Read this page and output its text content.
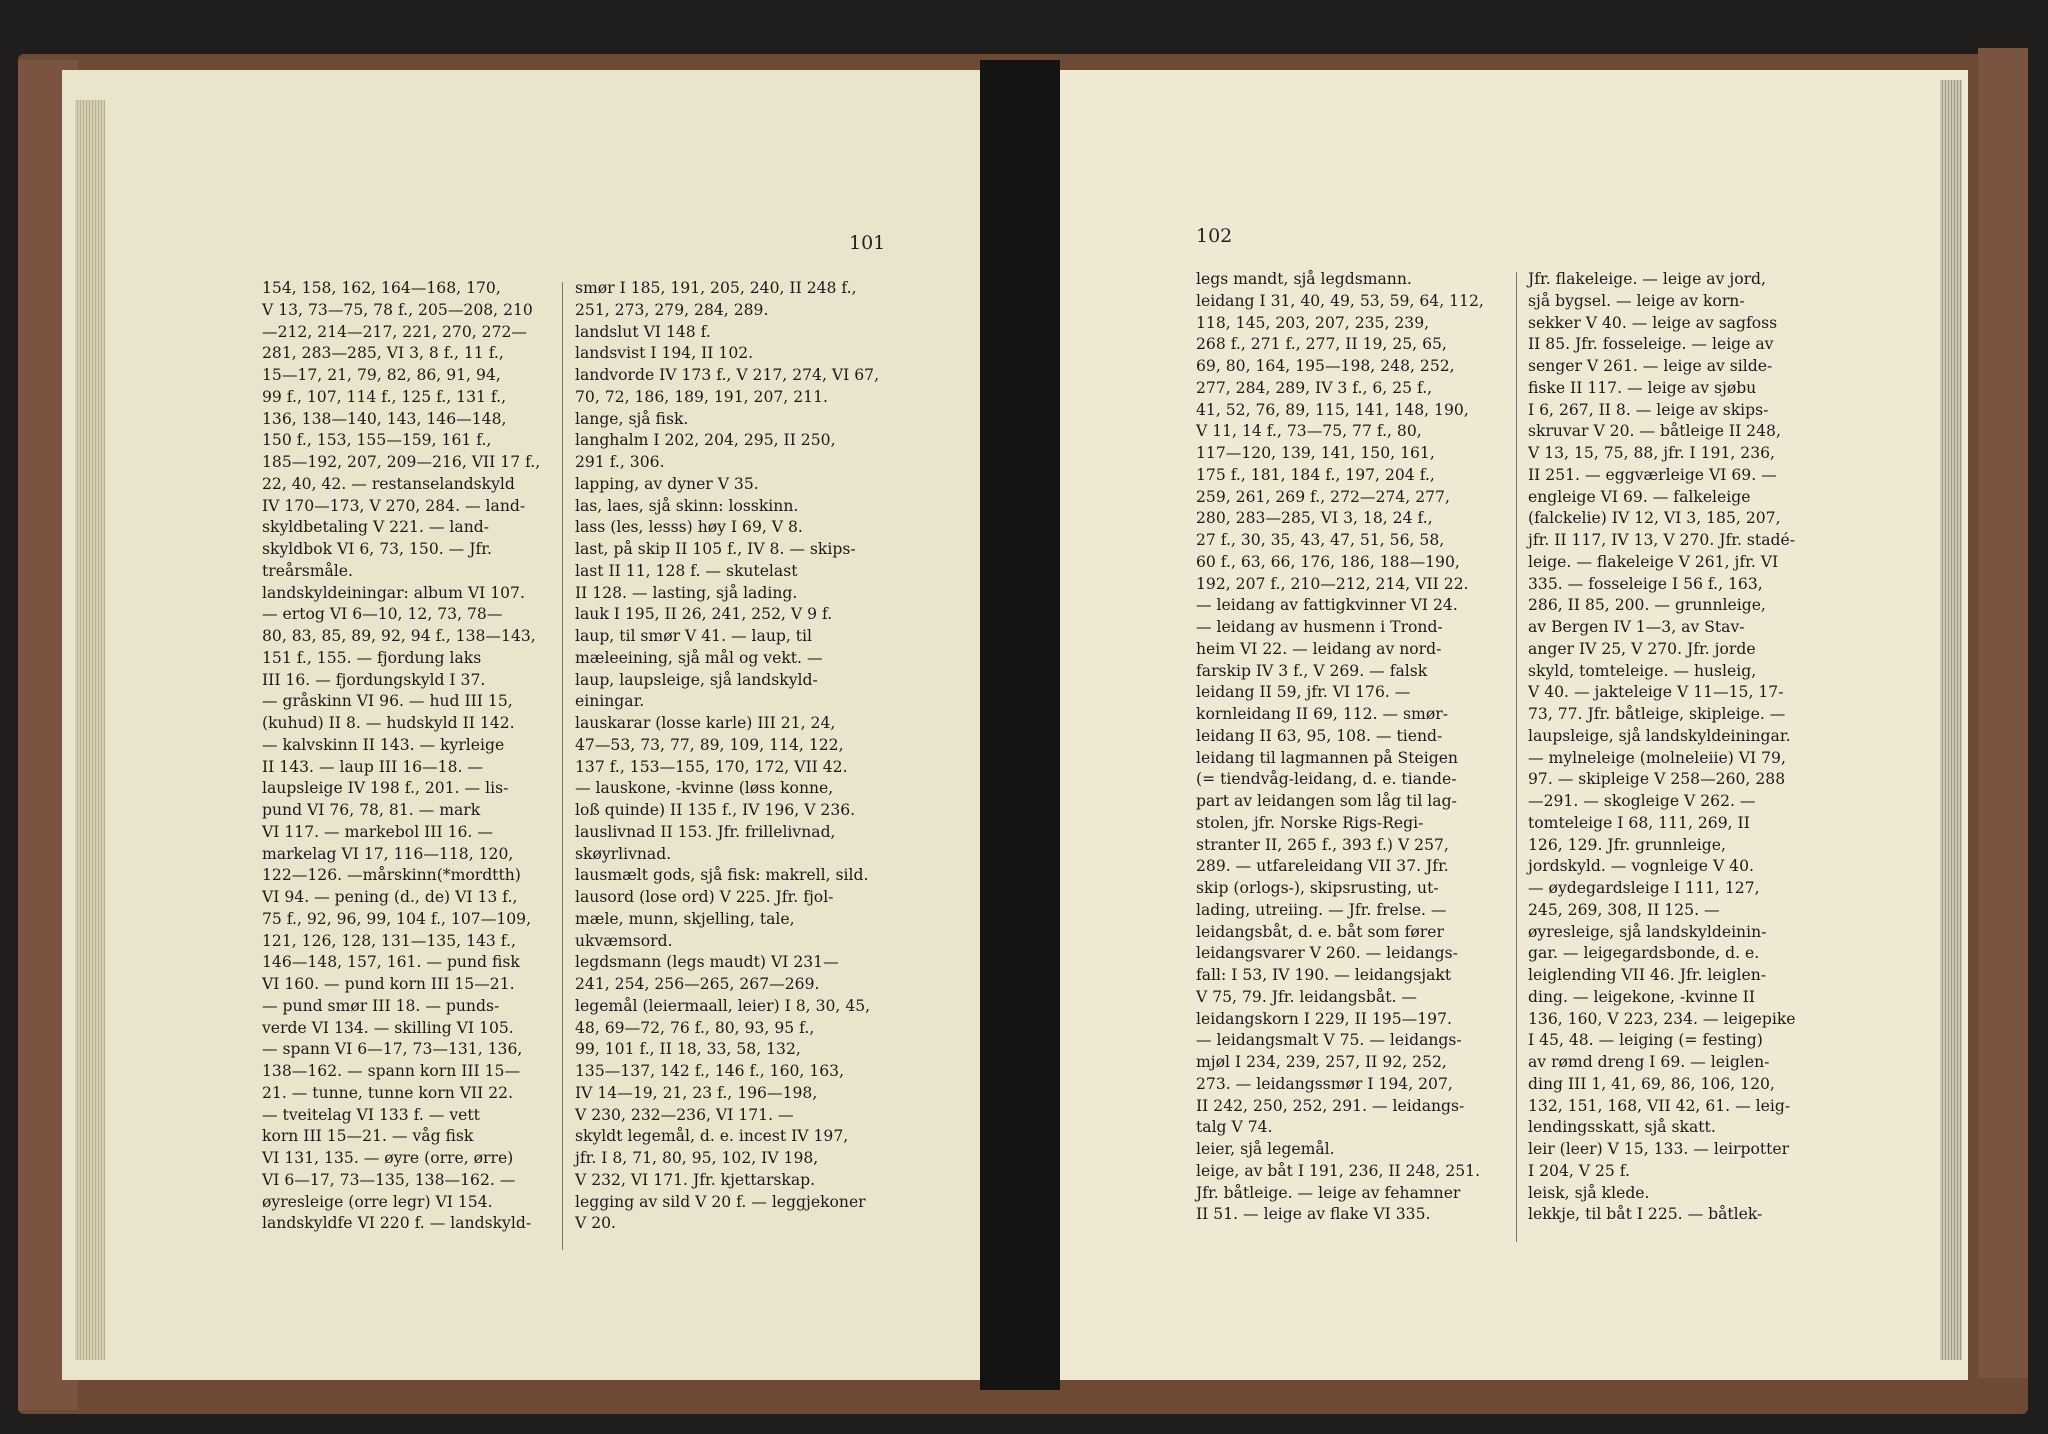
101
154, 158, 162, 164—168, 170,
V 13, 73—75, 78 f., 205—208, 210
—212, 214—217, 221, 270, 272—
281, 283—285, VI 3, 8 f., 11 f.,
15—17, 21, 79, 82, 86, 91, 94,
99 f., 107, 114 f., 125 f., 131 f.,
136, 138—140, 143, 146—148,
150 f., 153, 155—159, 161 f.,
185—192, 207, 209—216, VII 17 f.,
22, 40, 42. — restanselandskyld
IV 170—173, V 270, 284. — land-
skyldbetaling V 221. — land-
skyldbok VI 6, 73, 150. — Jfr.
treårsmåle.
landskyldeiningar: album VI 107.
— ertog VI 6—10, 12, 73, 78—
80, 83, 85, 89, 92, 94 f., 138—143,
151 f., 155. — fjordung laks
III 16. — fjordungskyld I 37.
— gråskinn VI 96. — hud III 15,
(kuhud) II 8. — hudskyld II 142.
— kalvskinn II 143. — kyrleige
II 143. — laup III 16—18. —
laupsleige IV 198 f., 201. — lis-
pund VI 76, 78, 81. — mark
VI 117. — markebol III 16. —
markelag VI 17, 116—118, 120,
122—126. —mårskinn(*mordtth)
VI 94. — pening (d., de) VI 13 f.,
75 f., 92, 96, 99, 104 f., 107—109,
121, 126, 128, 131—135, 143 f.,
146—148, 157, 161. — pund fisk
VI 160. — pund korn III 15—21.
— pund smør III 18. — punds-
verde VI 134. — skilling VI 105.
— spann VI 6—17, 73—131, 136,
138—162. — spann korn III 15—
21. — tunne, tunne korn VII 22.
— tveitelag VI 133 f. — vett
korn III 15—21. — våg fisk
VI 131, 135. — øyre (orre, ørre)
VI 6—17, 73—135, 138—162. —
øyresleige (orre legr) VI 154.
landskyldfe VI 220 f. — landskyld-
smør I 185, 191, 205, 240, II 248 f.,
251, 273, 279, 284, 289.
landslut VI 148 f.
landsvist I 194, II 102.
landvorde IV 173 f., V 217, 274, VI 67,
70, 72, 186, 189, 191, 207, 211.
lange, sjå fisk.
langhalm I 202, 204, 295, II 250,
291 f., 306.
lapping, av dyner V 35.
las, laes, sjå skinn: losskinn.
lass (les, lesss) høy I 69, V 8.
last, på skip II 105 f., IV 8. — skips-
last II 11, 128 f. — skutelast
II 128. — lasting, sjå lading.
lauk I 195, II 26, 241, 252, V 9 f.
laup, til smør V 41. — laup, til
mæleeining, sjå mål og vekt. —
laup, laupsleige, sjå landskyld-
einingar.
lauskarar (losse karle) III 21, 24,
47—53, 73, 77, 89, 109, 114, 122,
137 f., 153—155, 170, 172, VII 42.
— lauskone, -kvinne (løss konne,
loß quinde) II 135 f., IV 196, V 236.
lauslivnad II 153. Jfr. frillelivnad,
skøyrlivnad.
lausmælt gods, sjå fisk: makrell, sild.
lausord (lose ord) V 225. Jfr. fjol-
mæle, munn, skjelling, tale,
ukvæmsord.
legdsmann (legs maudt) VI 231—
241, 254, 256—265, 267—269.
legemål (leiermaall, leier) I 8, 30, 45,
48, 69—72, 76 f., 80, 93, 95 f.,
99, 101 f., II 18, 33, 58, 132,
135—137, 142 f., 146 f., 160, 163,
IV 14—19, 21, 23 f., 196—198,
V 230, 232—236, VI 171. —
skyldt legemål, d. e. incest IV 197,
jfr. I 8, 71, 80, 95, 102, IV 198,
V 232, VI 171. Jfr. kjettarskap.
legging av sild V 20 f. — leggjekoner
V 20.
102
legs mandt, sjå legdsmann.
leidang I 31, 40, 49, 53, 59, 64, 112,
118, 145, 203, 207, 235, 239,
268 f., 271 f., 277, II 19, 25, 65,
69, 80, 164, 195—198, 248, 252,
277, 284, 289, IV 3 f., 6, 25 f.,
41, 52, 76, 89, 115, 141, 148, 190,
V 11, 14 f., 73—75, 77 f., 80,
117—120, 139, 141, 150, 161,
175 f., 181, 184 f., 197, 204 f.,
259, 261, 269 f., 272—274, 277,
280, 283—285, VI 3, 18, 24 f.,
27 f., 30, 35, 43, 47, 51, 56, 58,
60 f., 63, 66, 176, 186, 188—190,
192, 207 f., 210—212, 214, VII 22.
— leidang av fattigkvinner VI 24.
— leidang av husmenn i Trond-
heim VI 22. — leidang av nord-
farskip IV 3 f., V 269. — falsk
leidang II 59, jfr. VI 176. —
kornleidang II 69, 112. — smør-
leidang II 63, 95, 108. — tiend-
leidang til lagmannen på Steigen
(= tiendvåg-leidang, d. e. tiande-
part av leidangen som låg til lag-
stolen, jfr. Norske Rigs-Regi-
stranter II, 265 f., 393 f.) V 257,
289. — utfareleidang VII 37. Jfr.
skip (orlogs-), skipsrusting, ut-
lading, utreiing. — Jfr. frelse. —
leidangsbåt, d. e. båt som fører
leidangsvarer V 260. — leidangs-
fall: I 53, IV 190. — leidangsjakt
V 75, 79. Jfr. leidangsbåt. —
leidangskorn I 229, II 195—197.
— leidangsmalt V 75. — leidangs-
mjøl I 234, 239, 257, II 92, 252,
273. — leidangssmør I 194, 207,
II 242, 250, 252, 291. — leidangs-
talg V 74.
leier, sjå legemål.
leige, av båt I 191, 236, II 248, 251.
Jfr. båtleige. — leige av fehamner
II 51. — leige av flake VI 335.
Jfr. flakeleige. — leige av jord,
sjå bygsel. — leige av korn-
sekker V 40. — leige av sagfoss
II 85. Jfr. fosseleige. — leige av
senger V 261. — leige av silde-
fiske II 117. — leige av sjøbu
I 6, 267, II 8. — leige av skips-
skruvar V 20. — båtleige II 248,
V 13, 15, 75, 88, jfr. I 191, 236,
II 251. — eggværleige VI 69. —
engleige VI 69. — falkeleige
(falckelie) IV 12, VI 3, 185, 207,
jfr. II 117, IV 13, V 270. Jfr. stadé-
leige. — flakeleige V 261, jfr. VI
335. — fosseleige I 56 f., 163,
286, II 85, 200. — grunnleige,
av Bergen IV 1—3, av Stav-
anger IV 25, V 270. Jfr. jorde
skyld, tomteleige. — husleig,
V 40. — jakteleige V 11—15, 17-
73, 77. Jfr. båtleige, skipleige. —
laupsleige, sjå landskyldeiningar.
— mylneleige (molneleiie) VI 79,
97. — skipleige V 258—260, 288
—291. — skogleige V 262. —
tomteleige I 68, 111, 269, II
126, 129. Jfr. grunnleige,
jordskyld. — vognleige V 40.
— øydegardsleige I 111, 127,
245, 269, 308, II 125. —
øyresleige, sjå landskyldeinin-
gar. — leigegardsbonde, d. e.
leiglending VII 46. Jfr. leiglen-
ding. — leigekone, -kvinne II
136, 160, V 223, 234. — leigepike
I 45, 48. — leiging (= festing)
av rømd dreng I 69. — leiglen-
ding III 1, 41, 69, 86, 106, 120,
132, 151, 168, VII 42, 61. — leig-
lendingsskatt, sjå skatt.
leir (leer) V 15, 133. — leirpotter
I 204, V 25 f.
leisk, sjå klede.
lekkje, til båt I 225. — båtlek-
